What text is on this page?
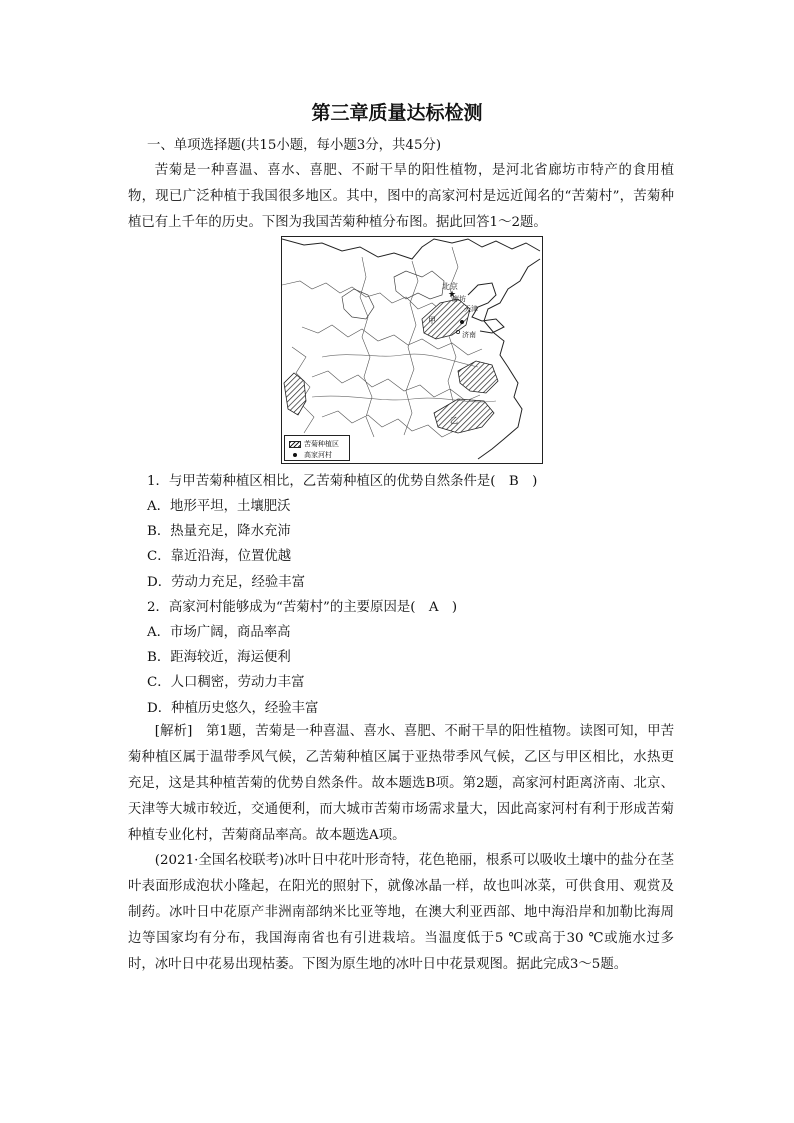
第三章质量达标检测
一、单项选择题(共15小题，每小题3分，共45分)
苦菊是一种喜温、喜水、喜肥、不耐干旱的阳性植物，是河北省廊坊市特产的食用植物，现已广泛种植于我国很多地区。其中，图中的高家河村是远近闻名的“苦菊村”，苦菊种植已有上千年的历史。下图为我国苦菊种植分布图。据此回答1～2题。
北京
★
廊坊
天津
济南
甲
乙
苦菊种植区
高家河村
1．与甲苦菊种植区相比，乙苦菊种植区的优势自然条件是(　B　)
A．地形平坦，土壤肥沃
B．热量充足，降水充沛
C．靠近沿海，位置优越
D．劳动力充足，经验丰富
2．高家河村能够成为“苦菊村”的主要原因是(　A　)
A．市场广阔，商品率高
B．距海较近，海运便利
C．人口稠密，劳动力丰富
D．种植历史悠久，经验丰富
[解析]　第1题，苦菊是一种喜温、喜水、喜肥、不耐干旱的阳性植物。读图可知，甲苦菊种植区属于温带季风气候，乙苦菊种植区属于亚热带季风气候，乙区与甲区相比，水热更充足，这是其种植苦菊的优势自然条件。故本题选B项。第2题，高家河村距离济南、北京、天津等大城市较近，交通便利，而大城市苦菊市场需求量大，因此高家河村有利于形成苦菊种植专业化村，苦菊商品率高。故本题选A项。
(2021·全国名校联考)冰叶日中花叶形奇特，花色艳丽，根系可以吸收土壤中的盐分在茎叶表面形成泡状小隆起，在阳光的照射下，就像冰晶一样，故也叫冰菜，可供食用、观赏及制药。冰叶日中花原产非洲南部纳米比亚等地，在澳大利亚西部、地中海沿岸和加勒比海周边等国家均有分布，我国海南省也有引进栽培。当温度低于5 ℃或高于30 ℃或施水过多时，冰叶日中花易出现枯萎。下图为原生地的冰叶日中花景观图。据此完成3～5题。
